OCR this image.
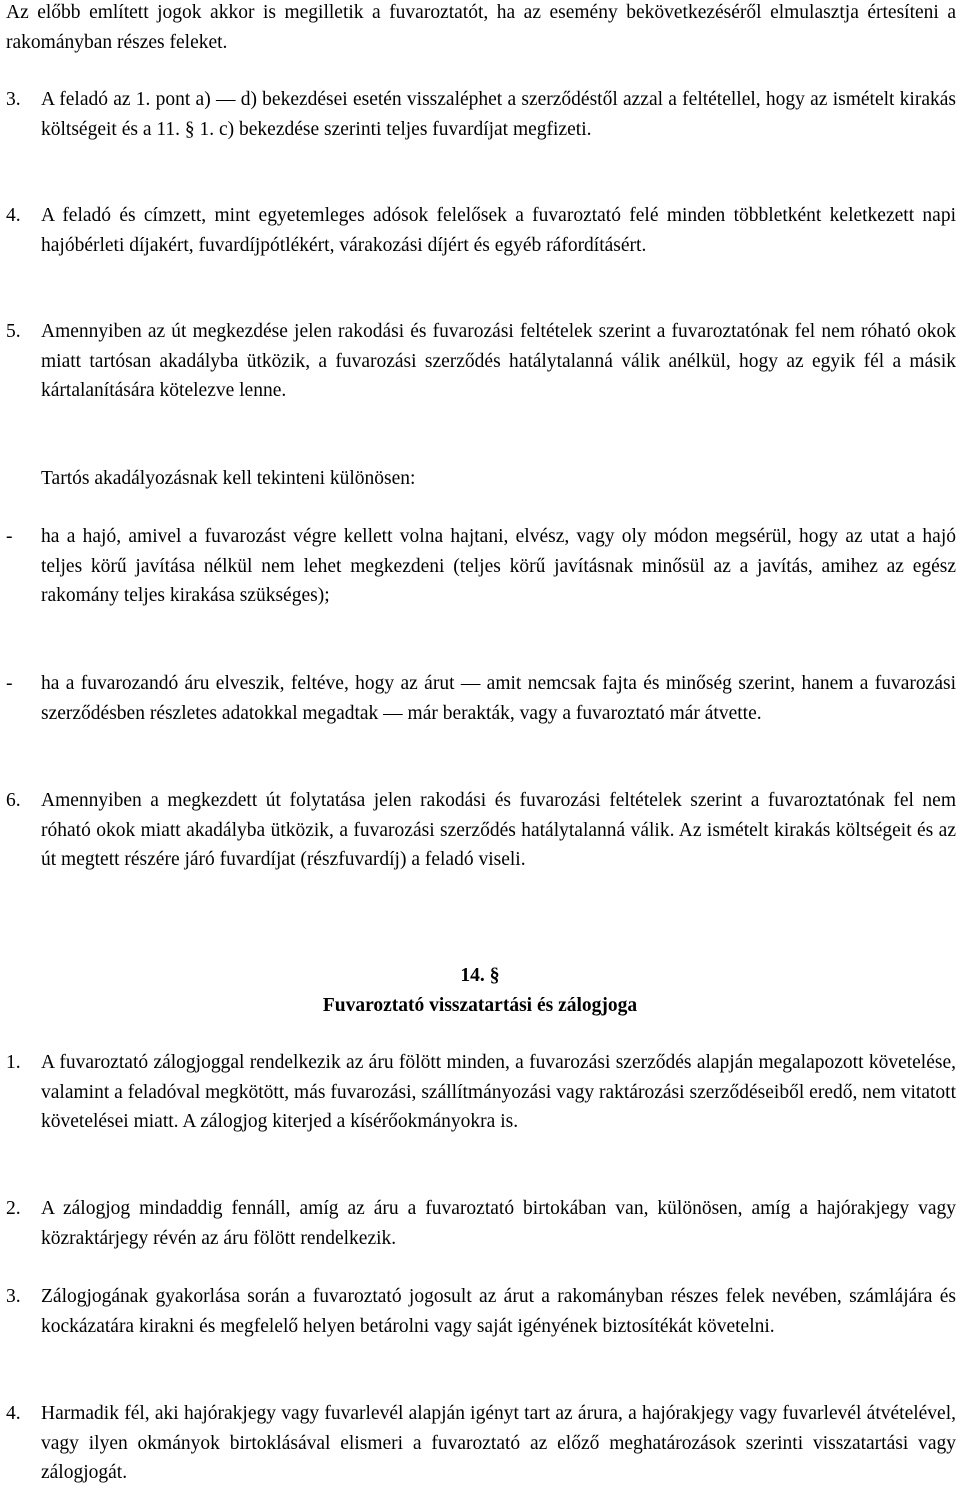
Az előbb említett jogok akkor is megilletik a fuvaroztatót, ha az esemény bekövetkezéséről elmulasztja értesíteni a rakományban részes feleket.

3.	A feladó az 1. pont a) — d) bekezdései esetén visszaléphet a szerződéstől azzal a feltétellel, hogy az ismételt kirakás költségeit és a 11. § 1. c) bekezdése szerinti teljes fuvardíjat megfizeti.
4.	A feladó és címzett, mint egyetemleges adósok felelősek a fuvaroztató felé minden többletként keletkezett napi hajóbérleti díjakért, fuvardíjpótlékért, várakozási díjért és egyéb ráfordításért.
5.	Amennyiben az út megkezdése jelen rakodási és fuvarozási feltételek szerint a fuvaroztatónak fel nem róható okok miatt tartósan akadályba ütközik, a fuvarozási szerződés hatálytalanná válik anélkül, hogy az egyik fél a másik kártalanítására kötelezve lenne.
Tartós akadályozásnak kell tekinteni különösen:
-	ha a hajó, amivel a fuvarozást végre kellett volna hajtani, elvész, vagy oly módon megsérül, hogy az utat a hajó teljes körű javítása nélkül nem lehet megkezdeni (teljes körű javításnak minősül az a javítás, amihez az egész rakomány teljes kirakása szükséges);
-	ha a fuvarozandó áru elveszik, feltéve, hogy az árut — amit nemcsak fajta és minőség szerint, hanem a fuvarozási szerződésben részletes adatokkal megadtak — már berakták, vagy a fuvaroztató már átvette.
6.	Amennyiben a megkezdett út folytatása jelen rakodási és fuvarozási feltételek szerint a fuvaroztatónak fel nem róható okok miatt akadályba ütközik, a fuvarozási szerződés hatálytalanná válik. Az ismételt kirakás költségeit és az út megtett részére járó fuvardíjat (részfuvardíj) a feladó viseli.
14. §
Fuvaroztató visszatartási és zálogjoga
1.	A fuvaroztató zálogjoggal rendelkezik az áru fölött minden, a fuvarozási szerződés alapján megalapozott követelése, valamint a feladóval megkötött, más fuvarozási, szállítmányozási vagy raktározási szerződéseiből eredő, nem vitatott követelései miatt. A zálogjog kiterjed a kísérőokmányokra is.
2.	A zálogjog mindaddig fennáll, amíg az áru a fuvaroztató birtokában van, különösen, amíg a hajórakjegy vagy közraktárjegy révén az áru fölött rendelkezik.
3.	Zálogjogának gyakorlása során a fuvaroztató jogosult az árut a rakományban részes felek nevében, számlájára és kockázatára kirakni és megfelelő helyen betárolni vagy saját igényének biztosítékát követelni.
4.	Harmadik fél, aki hajórakjegy vagy fuvarlevél alapján igényt tart az árura, a hajórakjegy vagy fuvarlevél átvételével, vagy ilyen okmányok birtoklásával elismeri a fuvaroztató az előző meghatározások szerinti visszatartási vagy zálogjogát.
